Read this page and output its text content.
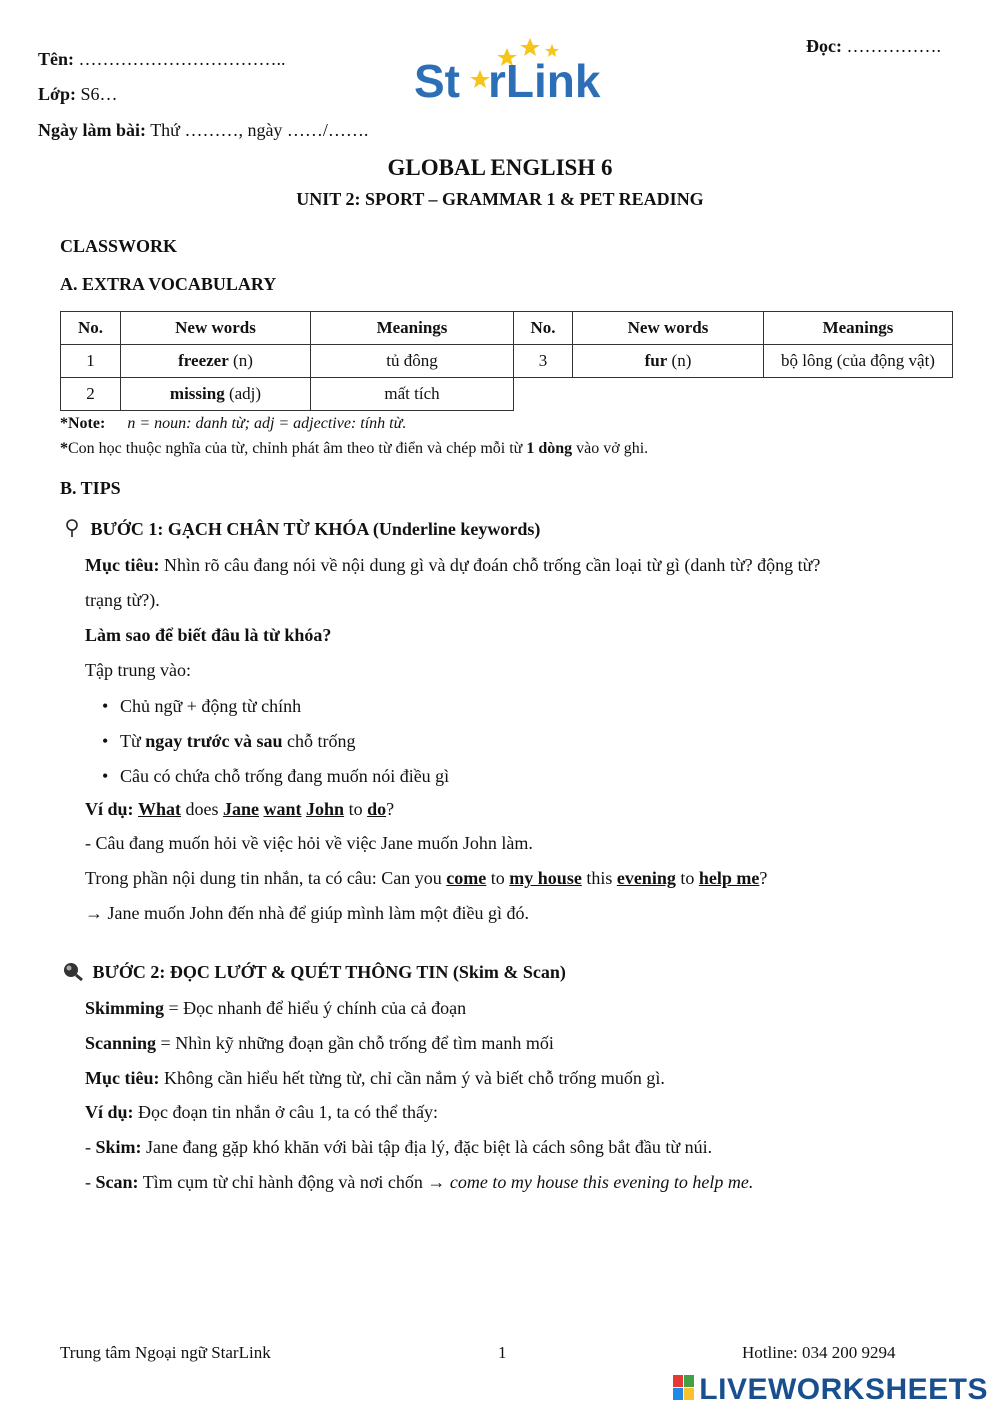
Tên: ……………………………..
Lớp: S6…
Ngày làm bài: Thứ ………, ngày ……/…….
Đọc: …………….
St rLink
GLOBAL ENGLISH 6
UNIT 2: SPORT – GRAMMAR 1 & PET READING
CLASSWORK
A. EXTRA VOCABULARY
No.	New words	Meanings	No.	New words	Meanings
1	freezer (n)	tủ đông	3	fur (n)	bộ lông (của động vật)
2	missing (adj)	mất tích			
*Note: n = noun: danh từ; adj = adjective: tính từ.
*Con học thuộc nghĩa của từ, chỉnh phát âm theo từ điển và chép mỗi từ 1 dòng vào vở ghi.
B. TIPS
BƯỚC 1: GẠCH CHÂN TỪ KHÓA (Underline keywords)
Mục tiêu: Nhìn rõ câu đang nói về nội dung gì và dự đoán chỗ trống cần loại từ gì (danh từ? động từ?
trạng từ?).
Làm sao để biết đâu là từ khóa?
Tập trung vào:
• Chủ ngữ + động từ chính
• Từ ngay trước và sau chỗ trống
• Câu có chứa chỗ trống đang muốn nói điều gì
Ví dụ: What does Jane want John to do?
- Câu đang muốn hỏi về việc hỏi về việc Jane muốn John làm.
Trong phần nội dung tin nhắn, ta có câu: Can you come to my house this evening to help me?
→ Jane muốn John đến nhà để giúp mình làm một điều gì đó.
BƯỚC 2: ĐỌC LƯỚT & QUÉT THÔNG TIN (Skim & Scan)
Skimming = Đọc nhanh để hiểu ý chính của cả đoạn
Scanning = Nhìn kỹ những đoạn gần chỗ trống để tìm manh mối
Mục tiêu: Không cần hiểu hết từng từ, chỉ cần nắm ý và biết chỗ trống muốn gì.
Ví dụ: Đọc đoạn tin nhắn ở câu 1, ta có thể thấy:
- Skim: Jane đang gặp khó khăn với bài tập địa lý, đặc biệt là cách sông bắt đầu từ núi.
- Scan: Tìm cụm từ chỉ hành động và nơi chốn → come to my house this evening to help me.
Trung tâm Ngoại ngữ StarLink	1	Hotline: 034 200 9294
LIVEWORKSHEETS
